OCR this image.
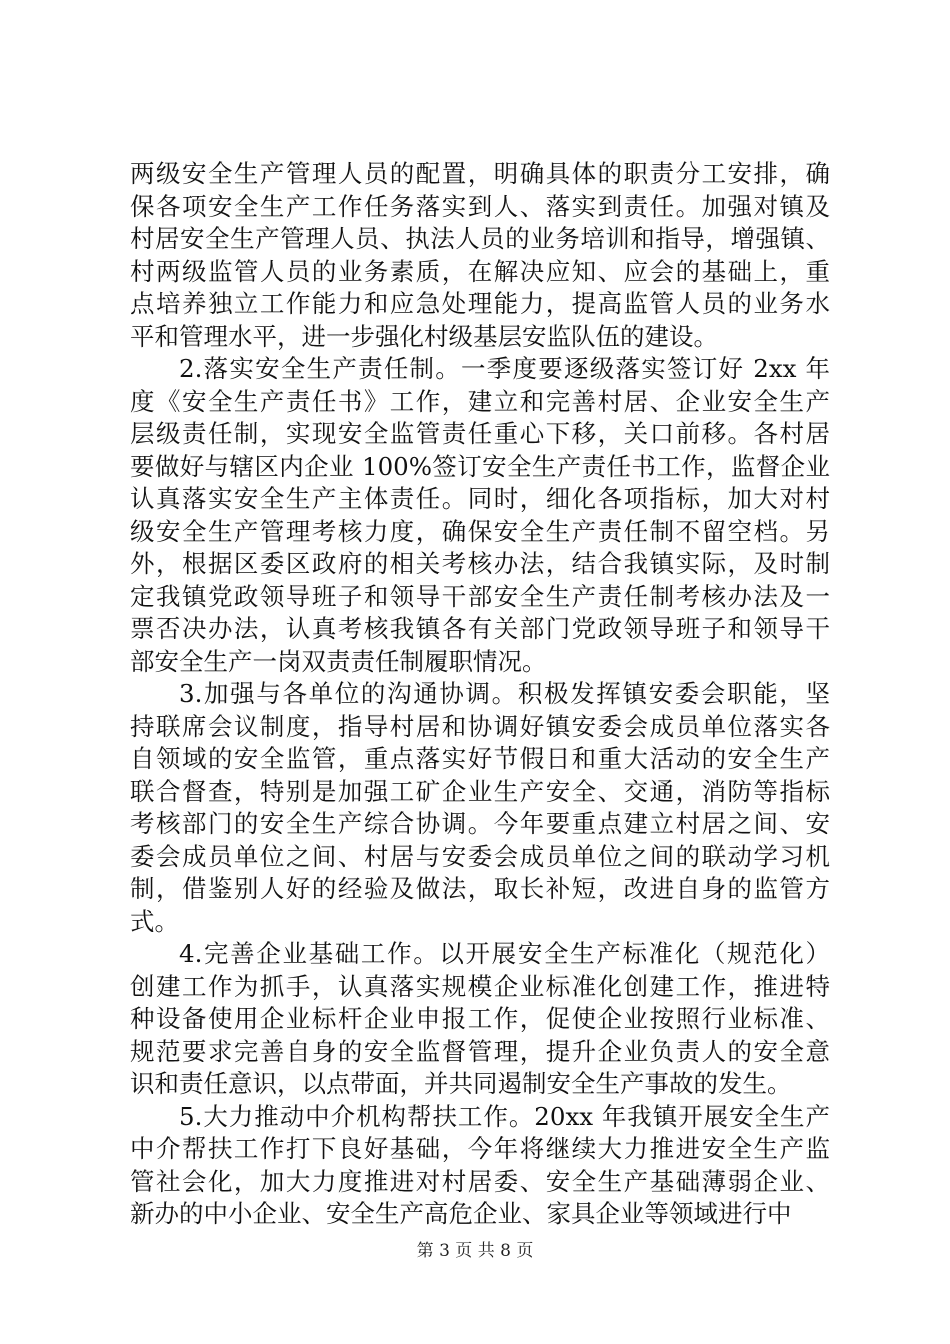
两级安全生产管理人员的配置，明确具体的职责分工安排，确
保各项安全生产工作任务落实到人、落实到责任。加强对镇及
村居安全生产管理人员、执法人员的业务培训和指导，增强镇、
村两级监管人员的业务素质，在解决应知、应会的基础上，重
点培养独立工作能力和应急处理能力，提高监管人员的业务水
平和管理水平，进一步强化村级基层安监队伍的建设。
2.落实安全生产责任制。一季度要逐级落实签订好 2xx 年
度《安全生产责任书》工作，建立和完善村居、企业安全生产
层级责任制，实现安全监管责任重心下移，关口前移。各村居
要做好与辖区内企业 100%签订安全生产责任书工作，监督企业
认真落实安全生产主体责任。同时，细化各项指标，加大对村
级安全生产管理考核力度，确保安全生产责任制不留空档。另
外，根据区委区政府的相关考核办法，结合我镇实际，及时制
定我镇党政领导班子和领导干部安全生产责任制考核办法及一
票否决办法，认真考核我镇各有关部门党政领导班子和领导干
部安全生产一岗双责责任制履职情况。
3.加强与各单位的沟通协调。积极发挥镇安委会职能，坚
持联席会议制度，指导村居和协调好镇安委会成员单位落实各
自领域的安全监管，重点落实好节假日和重大活动的安全生产
联合督查，特别是加强工矿企业生产安全、交通，消防等指标
考核部门的安全生产综合协调。今年要重点建立村居之间、安
委会成员单位之间、村居与安委会成员单位之间的联动学习机
制，借鉴别人好的经验及做法，取长补短，改进自身的监管方
式。
4.完善企业基础工作。以开展安全生产标准化（规范化）
创建工作为抓手，认真落实规模企业标准化创建工作，推进特
种设备使用企业标杆企业申报工作，促使企业按照行业标准、
规范要求完善自身的安全监督管理，提升企业负责人的安全意
识和责任意识，以点带面，并共同遏制安全生产事故的发生。
5.大力推动中介机构帮扶工作。20xx 年我镇开展安全生产
中介帮扶工作打下良好基础，今年将继续大力推进安全生产监
管社会化，加大力度推进对村居委、安全生产基础薄弱企业、
新办的中小企业、安全生产高危企业、家具企业等领域进行中
第 3 页 共 8 页
